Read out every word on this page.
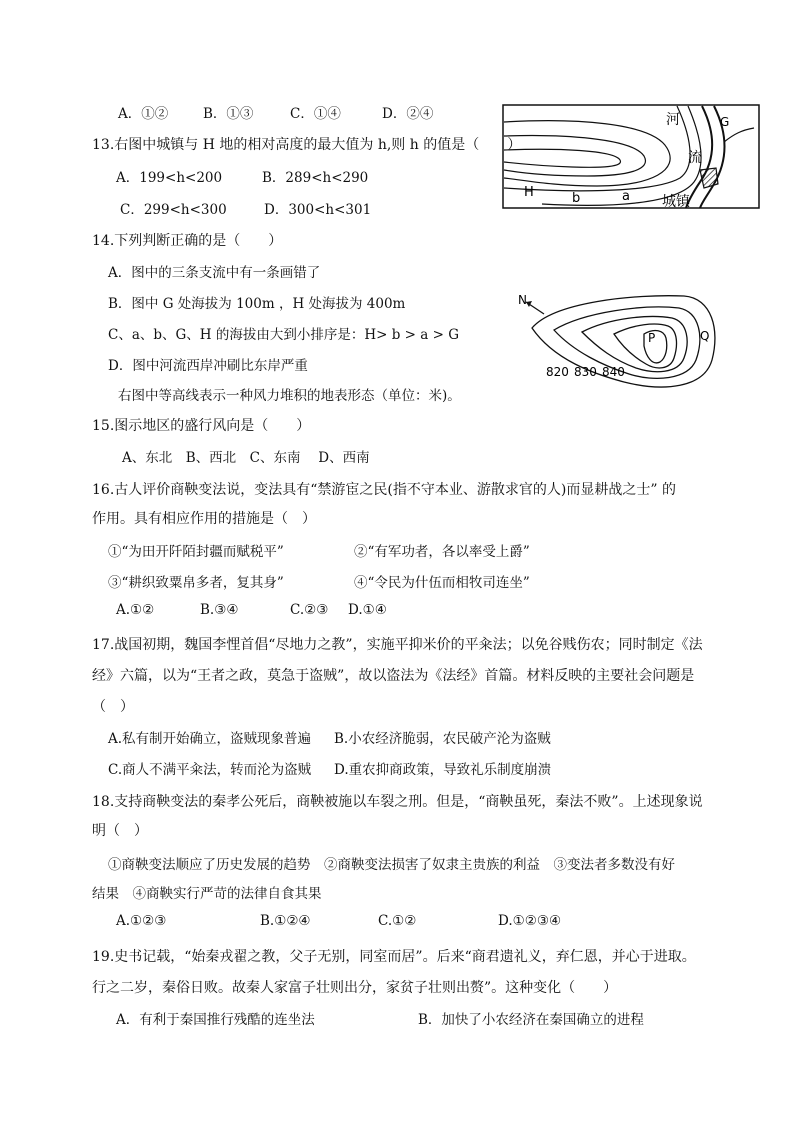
A．①②	B．①③	C．①④	D．②④
13.右图中城镇与 H 地的相对高度的最大值为 h,则 h 的值是（　　）
A．199<h<200	B．289<h<290
C．299<h<300	D．300<h<301
河
流
G
H	b	a 城镇
14.下列判断正确的是（　　）
A．图中的三条支流中有一条画错了
B．图中 G 处海拔为 100m ，H 处海拔为 400m
C、a、b、G、H 的海拔由大到小排序是：H> b > a > G
D．图中河流西岸冲刷比东岸严重
N
P	Q
820 830 840
右图中等高线表示一种风力堆积的地表形态（单位：米)。
15.图示地区的盛行风向是（　　）
A、东北　B、西北　C、东南　 D、西南
16.古人评价商鞅变法说，变法具有“禁游宦之民(指不守本业、游散求官的人)而显耕战之士” 的
作用。具有相应作用的措施是（　）
①“为田开阡陌封疆而赋税平”	②“有军功者，各以率受上爵”
③“耕织致粟帛多者，复其身”	④“令民为什伍而相牧司连坐”
A.①②	B.③④	C.②③ D.①④
17.战国初期，魏国李悝首倡“尽地力之教”，实施平抑米价的平籴法；以免谷贱伤农；同时制定《法
经》六篇，以为“王者之政，莫急于盗贼”，故以盗法为《法经》首篇。材料反映的主要社会问题是
（　）
A.私有制开始确立，盗贼现象普遍 B.小农经济脆弱，农民破产沦为盗贼
C.商人不满平籴法，转而沦为盗贼 D.重农抑商政策，导致礼乐制度崩溃
18.支持商鞅变法的秦孝公死后，商鞅被施以车裂之刑。但是，“商鞅虽死，秦法不败”。上述现象说
明（　）
①商鞅变法顺应了历史发展的趋势　②商鞅变法损害了奴隶主贵族的利益　③变法者多数没有好
结果　④商鞅实行严苛的法律自食其果
A.①②③	B.①②④	C.①②	D.①②③④
19.史书记载，“始秦戎翟之教，父子无别，同室而居”。后来“商君遗礼义，弃仁恩，并心于进取。
行之二岁，秦俗日败。故秦人家富子壮则出分，家贫子壮则出赘”。这种变化（　　）
A．有利于秦国推行残酷的连坐法	B．加快了小农经济在秦国确立的进程
